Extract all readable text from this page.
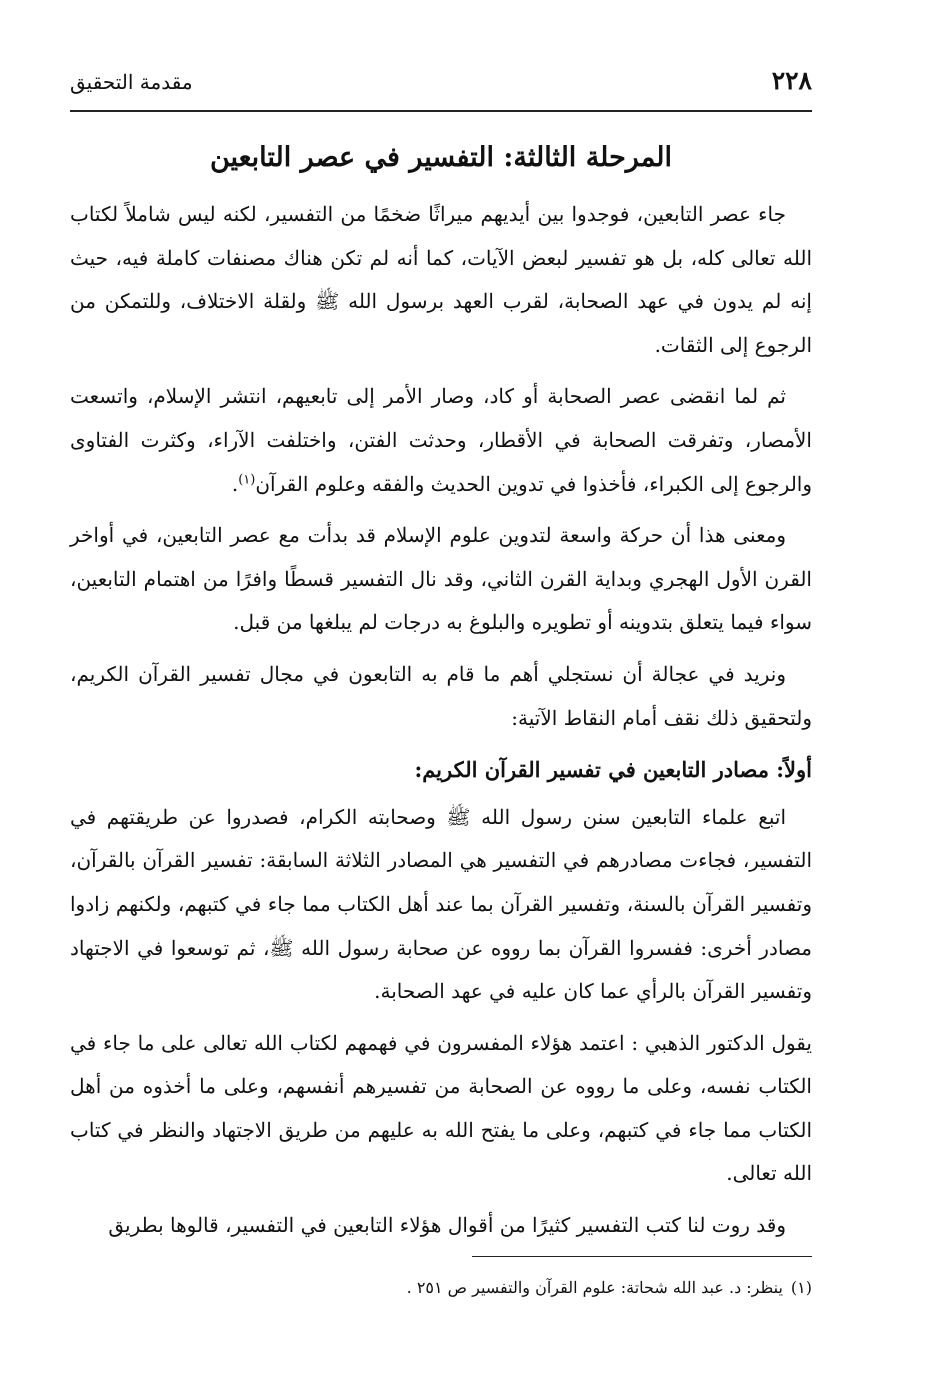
٢٢٨
مقدمة التحقيق
المرحلة الثالثة: التفسير في عصر التابعين

جاء عصر التابعين، فوجدوا بين أيديهم ميراثًا ضخمًا من التفسير، لكنه ليس شاملاً لكتاب الله تعالى كله، بل هو تفسير لبعض الآيات، كما أنه لم تكن هناك مصنفات كاملة فيه، حيث إنه لم يدون في عهد الصحابة، لقرب العهد برسول الله ﷺ ولقلة الاختلاف، وللتمكن من الرجوع إلى الثقات.

ثم لما انقضى عصر الصحابة أو كاد، وصار الأمر إلى تابعيهم، انتشر الإسلام، واتسعت الأمصار، وتفرقت الصحابة في الأقطار، وحدثت الفتن، واختلفت الآراء، وكثرت الفتاوى والرجوع إلى الكبراء، فأخذوا في تدوين الحديث والفقه وعلوم القرآن$^{(١)}$.

ومعنى هذا أن حركة واسعة لتدوين علوم الإسلام قد بدأت مع عصر التابعين، في أواخر القرن الأول الهجري وبداية القرن الثاني، وقد نال التفسير قسطًا وافرًا من اهتمام التابعين، سواء فيما يتعلق بتدوينه أو تطويره والبلوغ به درجات لم يبلغها من قبل.

ونريد في عجالة أن نستجلي أهم ما قام به التابعون في مجال تفسير القرآن الكريم، ولتحقيق ذلك نقف أمام النقاط الآتية:

أولاً: مصادر التابعين في تفسير القرآن الكريم:

اتبع علماء التابعين سنن رسول الله ﷺ وصحابته الكرام، فصدروا عن طريقتهم في التفسير، فجاءت مصادرهم في التفسير هي المصادر الثلاثة السابقة: تفسير القرآن بالقرآن، وتفسير القرآن بالسنة، وتفسير القرآن بما عند أهل الكتاب مما جاء في كتبهم، ولكنهم زادوا مصادر أخرى: ففسروا القرآن بما رووه عن صحابة رسول الله ﷺ، ثم توسعوا في الاجتهاد وتفسير القرآن بالرأي عما كان عليه في عهد الصحابة.

يقول الدكتور الذهبي : اعتمد هؤلاء المفسرون في فهمهم لكتاب الله تعالى على ما جاء في الكتاب نفسه، وعلى ما رووه عن الصحابة من تفسيرهم أنفسهم، وعلى ما أخذوه من أهل الكتاب مما جاء في كتبهم، وعلى ما يفتح الله به عليهم من طريق الاجتهاد والنظر في كتاب الله تعالى.

وقد روت لنا كتب التفسير كثيرًا من أقوال هؤلاء التابعين في التفسير، قالوها بطريق

(١)ينظر: د. عبد الله شحاتة: علوم القرآن والتفسير ص ٢٥١ .
